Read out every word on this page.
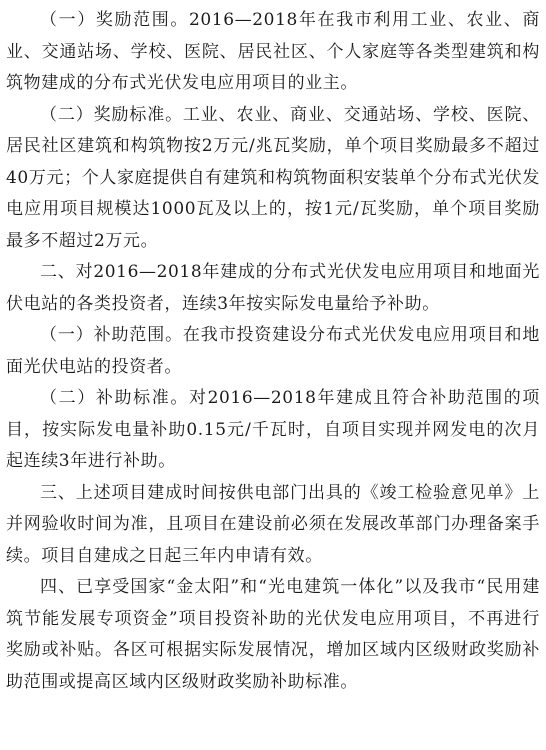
（一）奖励范围。2016—2018年在我市利用工业、农业、商业、交通站场、学校、医院、居民社区、个人家庭等各类型建筑和构筑物建成的分布式光伏发电应用项目的业主。

（二）奖励标准。工业、农业、商业、交通站场、学校、医院、居民社区建筑和构筑物按2万元/兆瓦奖励，单个项目奖励最多不超过40万元；个人家庭提供自有建筑和构筑物面积安装单个分布式光伏发电应用项目规模达1000瓦及以上的，按1元/瓦奖励，单个项目奖励最多不超过2万元。

二、对2016—2018年建成的分布式光伏发电应用项目和地面光伏电站的各类投资者，连续3年按实际发电量给予补助。

（一）补助范围。在我市投资建设分布式光伏发电应用项目和地面光伏电站的投资者。

（二）补助标准。对2016—2018年建成且符合补助范围的项目，按实际发电量补助0.15元/千瓦时，自项目实现并网发电的次月起连续3年进行补助。

三、上述项目建成时间按供电部门出具的《竣工检验意见单》上并网验收时间为准，且项目在建设前必须在发展改革部门办理备案手续。项目自建成之日起三年内申请有效。

四、已享受国家“金太阳”和“光电建筑一体化”以及我市“民用建筑节能发展专项资金”项目投资补助的光伏发电应用项目，不再进行奖励或补贴。各区可根据实际发展情况，增加区域内区级财政奖励补助范围或提高区域内区级财政奖励补助标准。
